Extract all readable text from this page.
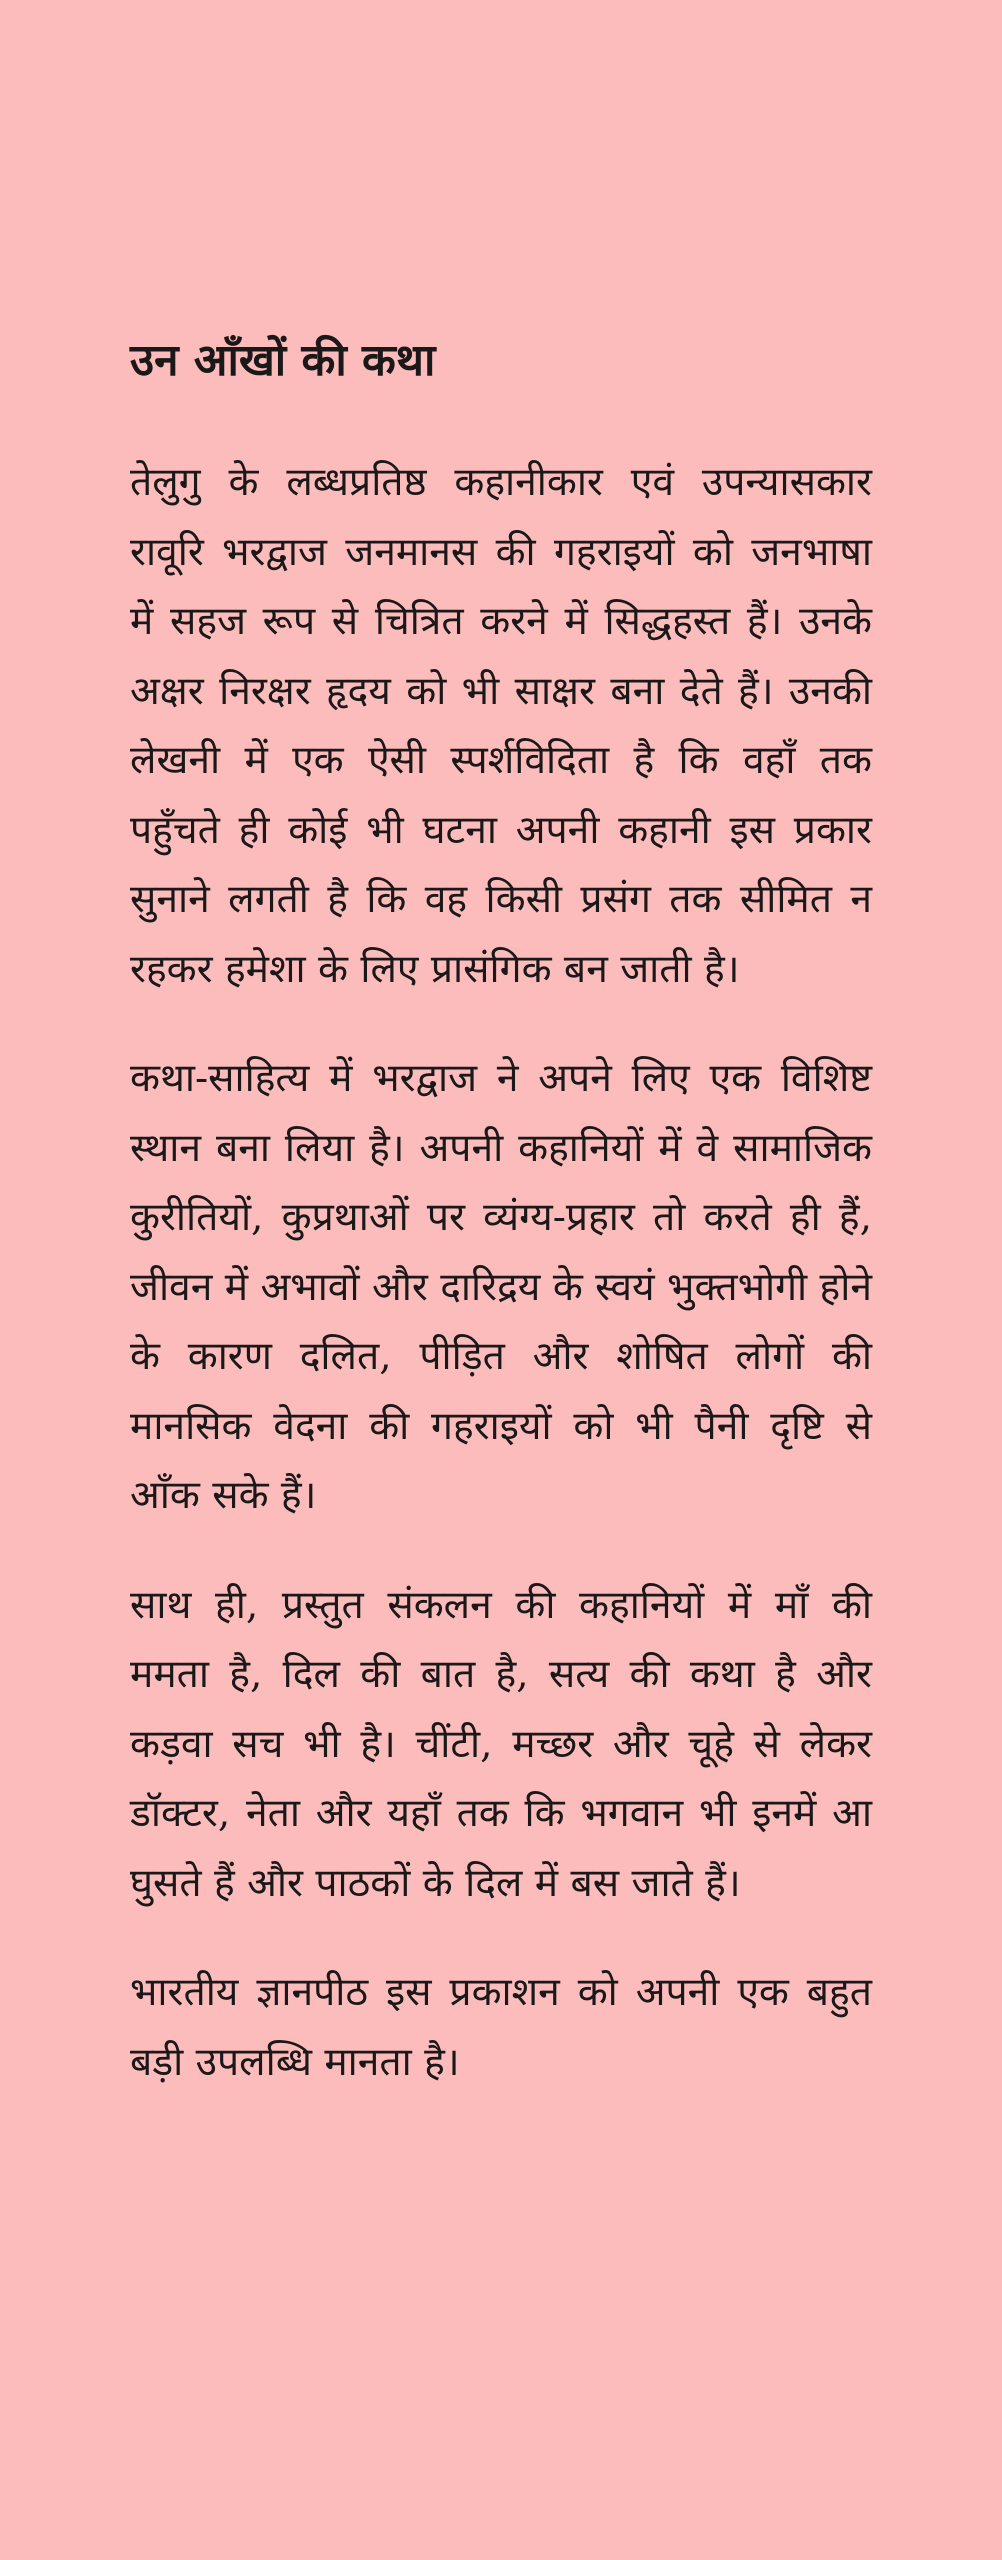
उन आँखों की कथा

तेलुगु के लब्धप्रतिष्ठ कहानीकार एवं उपन्यासकार रावूरि भरद्वाज जनमानस की गहराइयों को जनभाषा में सहज रूप से चित्रित करने में सिद्धहस्त हैं। उनके अक्षर निरक्षर हृदय को भी साक्षर बना देते हैं। उनकी लेखनी में एक ऐसी स्पर्शविदिता है कि वहाँ तक पहुँचते ही कोई भी घटना अपनी कहानी इस प्रकार सुनाने लगती है कि वह किसी प्रसंग तक सीमित न रहकर हमेशा के लिए प्रासंगिक बन जाती है।

कथा-साहित्य में भरद्वाज ने अपने लिए एक विशिष्ट स्थान बना लिया है। अपनी कहानियों में वे सामाजिक कुरीतियों, कुप्रथाओं पर व्यंग्य-प्रहार तो करते ही हैं, जीवन में अभावों और दारिद्रय के स्वयं भुक्तभोगी होने के कारण दलित, पीड़ित और शोषित लोगों की मानसिक वेदना की गहराइयों को भी पैनी दृष्टि से आँक सके हैं।

साथ ही, प्रस्तुत संकलन की कहानियों में माँ की ममता है, दिल की बात है, सत्य की कथा है और कड़वा सच भी है। चींटी, मच्छर और चूहे से लेकर डॉक्टर, नेता और यहाँ तक कि भगवान भी इनमें आ घुसते हैं और पाठकों के दिल में बस जाते हैं।

भारतीय ज्ञानपीठ इस प्रकाशन को अपनी एक बहुत बड़ी उपलब्धि मानता है।
